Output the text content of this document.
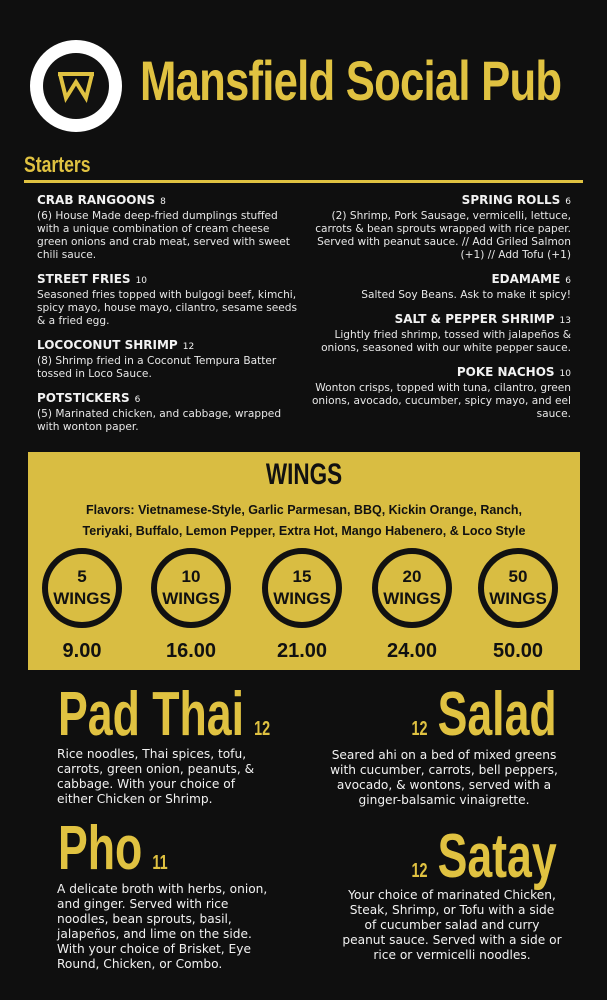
Mansfield Social Pub
Starters
CRAB RANGOONS 8
(6) House Made deep-fried dumplings stuffed with a unique combination of cream cheese green onions and crab meat, served with sweet chili sauce.
STREET FRIES 10
Seasoned fries topped with bulgogi beef, kimchi, spicy mayo, house mayo, cilantro, sesame seeds & a fried egg.
LOCOCONUT SHRIMP 12
(8) Shrimp fried in a Coconut Tempura Batter tossed in Loco Sauce.
POTSTICKERS 6
(5) Marinated chicken, and cabbage, wrapped with wonton paper.
SPRING ROLLS 6
(2) Shrimp, Pork Sausage, vermicelli, lettuce, carrots & bean sprouts wrapped with rice paper. Served with peanut sauce. // Add Griled Salmon (+1) // Add Tofu (+1)
EDAMAME 6
Salted Soy Beans. Ask to make it spicy!
SALT & PEPPER SHRIMP 13
Lightly fried shrimp, tossed with jalapeños & onions, seasoned with our white pepper sauce.
POKE NACHOS 10
Wonton crisps, topped with tuna, cilantro, green onions, avocado, cucumber, spicy mayo, and eel sauce.
WINGS
Flavors: Vietnamese-Style, Garlic Parmesan, BBQ, Kickin Orange, Ranch, Teriyaki, Buffalo, Lemon Pepper, Extra Hot, Mango Habenero, & Loco Style
5
WINGS
9.00
10
WINGS
16.00
15
WINGS
21.00
20
WINGS
24.00
50
WINGS
50.00
Pad Thai 12
Rice noodles, Thai spices, tofu, carrots, green onion, peanuts, & cabbage. With your choice of either Chicken or Shrimp.
12 Salad
Seared ahi on a bed of mixed greens with cucumber, carrots, bell peppers, avocado, & wontons, served with a ginger-balsamic vinaigrette.
Pho 11
A delicate broth with herbs, onion, and ginger. Served with rice noodles, bean sprouts, basil, jalapeños, and lime on the side. With your choice of Brisket, Eye Round, Chicken, or Combo.
12 Satay
Your choice of marinated Chicken, Steak, Shrimp, or Tofu with a side of cucumber salad and curry peanut sauce. Served with a side or rice or vermicelli noodles.
